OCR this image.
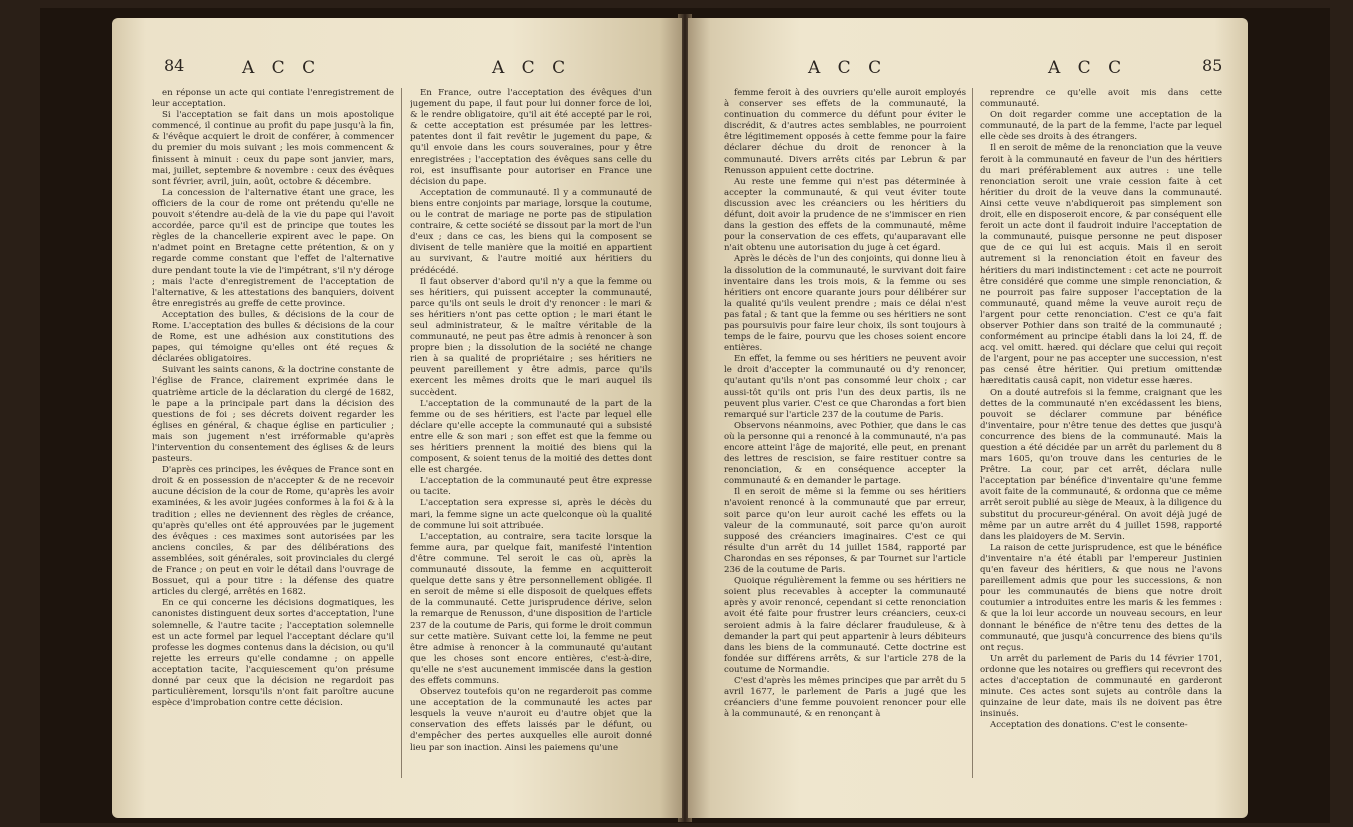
84	A C C	A C C

en réponse un acte qui contiate l'enregistrement de leur acceptation.

Si l'acceptation se fait dans un mois apostolique commencé, il continue au profit du pape jusqu'à la fin, & l'évêque acquiert le droit de conférer, à commencer du premier du mois suivant ; les mois commencent & finissent à minuit : ceux du pape sont janvier, mars, mai, juillet, septembre & novembre : ceux des évêques sont février, avril, juin, août, octobre & décembre.

La concession de l'alternative étant une grace, les officiers de la cour de rome ont prétendu qu'elle ne pouvoit s'étendre au-delà de la vie du pape qui l'avoit accordée, parce qu'il est de principe que toutes les règles de la chancellerie expirent avec le pape. On n'admet point en Bretagne cette prétention, & on y regarde comme constant que l'effet de l'alternative dure pendant toute la vie de l'impétrant, s'il n'y déroge ; mais l'acte d'enregistrement de l'acceptation de l'alternative, & les attestations des banquiers, doivent être enregistrés au greffe de cette province.

Acceptation des bulles, & décisions de la cour de Rome. L'acceptation des bulles & décisions de la cour de Rome, est une adhésion aux constitutions des papes, qui témoigne qu'elles ont été reçues & déclarées obligatoires.

Suivant les saints canons, & la doctrine constante de l'église de France, clairement exprimée dans le quatrième article de la déclaration du clergé de 1682, le pape a la principale part dans la décision des questions de foi ; ses décrets doivent regarder les églises en général, & chaque église en particulier ; mais son jugement n'est irréformable qu'après l'intervention du consentement des églises & de leurs pasteurs.

D'après ces principes, les évêques de France sont en droit & en possession de n'accepter & de ne recevoir aucune décision de la cour de Rome, qu'après les avoir examinées, & les avoir jugées conformes à la foi & à la tradition ; elles ne deviennent des règles de créance, qu'après qu'elles ont été approuvées par le jugement des évêques : ces maximes sont autorisées par les anciens conciles, & par des délibérations des assemblées, soit générales, soit provinciales du clergé de France ; on peut en voir le détail dans l'ouvrage de Bossuet, qui a pour titre : la défense des quatre articles du clergé, arrêtés en 1682.

En ce qui concerne les décisions dogmatiques, les canonistes distinguent deux sortes d'acceptation, l'une solemnelle, & l'autre tacite ; l'acceptation solemnelle est un acte formel par lequel l'acceptant déclare qu'il professe les dogmes contenus dans la décision, ou qu'il rejette les erreurs qu'elle condamne ; on appelle acceptation tacite, l'acquiescement qu'on présume donné par ceux que la décision ne regardoit pas particulièrement, lorsqu'ils n'ont fait paroître aucune espèce d'improbation contre cette décision.

En France, outre l'acceptation des évêques d'un jugement du pape, il faut pour lui donner force de loi, & le rendre obligatoire, qu'il ait été accepté par le roi, & cette acceptation est présumée par les lettres-patentes dont il fait revêtir le jugement du pape, & qu'il envoie dans les cours souveraines, pour y être enregistrées ; l'acceptation des évêques sans celle du roi, est insuffisante pour autoriser en France une décision du pape.

Acceptation de communauté. Il y a communauté de biens entre conjoints par mariage, lorsque la coutume, ou le contrat de mariage ne porte pas de stipulation contraire, & cette société se dissout par la mort de l'un d'eux ; dans ce cas, les biens qui la composent se divisent de telle manière que la moitié en appartient au survivant, & l'autre moitié aux héritiers du prédécédé.

Il faut observer d'abord qu'il n'y a que la femme ou ses héritiers, qui puissent accepter la communauté, parce qu'ils ont seuls le droit d'y renoncer : le mari & ses héritiers n'ont pas cette option ; le mari étant le seul administrateur, & le maître véritable de la communauté, ne peut pas être admis à renoncer à son propre bien ; la dissolution de la société ne change rien à sa qualité de propriétaire ; ses héritiers ne peuvent pareillement y être admis, parce qu'ils exercent les mêmes droits que le mari auquel ils succèdent.

L'acceptation de la communauté de la part de la femme ou de ses héritiers, est l'acte par lequel elle déclare qu'elle accepte la communauté qui a subsisté entre elle & son mari ; son effet est que la femme ou ses héritiers prennent la moitié des biens qui la composent, & soient tenus de la moitié des dettes dont elle est chargée.

L'acceptation de la communauté peut être expresse ou tacite.

L'acceptation sera expresse si, après le décès du mari, la femme signe un acte quelconque où la qualité de commune lui soit attribuée.

L'acceptation, au contraire, sera tacite lorsque la femme aura, par quelque fait, manifesté l'intention d'être commune. Tel seroit le cas où, après la communauté dissoute, la femme en acquitteroit quelque dette sans y être personnellement obligée. Il en seroit de même si elle disposoit de quelques effets de la communauté. Cette jurisprudence dérive, selon la remarque de Renusson, d'une disposition de l'article 237 de la coutume de Paris, qui forme le droit commun sur cette matière. Suivant cette loi, la femme ne peut être admise à renoncer à la communauté qu'autant que les choses sont encore entières, c'est-à-dire, qu'elle ne s'est aucunement immiscée dans la gestion des effets communs.

Observez toutefois qu'on ne regarderoit pas comme une acceptation de la communauté les actes par lesquels la veuve n'auroit eu d'autre objet que la conservation des effets laissés par le défunt, ou d'empêcher des pertes auxquelles elle auroit donné lieu par son inaction. Ainsi les paiemens qu'une

A C C	A C C	85

femme feroit à des ouvriers qu'elle auroit employés à conserver ses effets de la communauté, la continuation du commerce du défunt pour éviter le discrédit, & d'autres actes semblables, ne pourroient être légitimement opposés à cette femme pour la faire déclarer déchue du droit de renoncer à la communauté. Divers arrêts cités par Lebrun & par Renusson appuient cette doctrine.

Au reste une femme qui n'est pas déterminée à accepter la communauté, & qui veut éviter toute discussion avec les créanciers ou les héritiers du défunt, doit avoir la prudence de ne s'immiscer en rien dans la gestion des effets de la communauté, même pour la conservation de ces effets, qu'auparavant elle n'ait obtenu une autorisation du juge à cet égard.

Après le décès de l'un des conjoints, qui donne lieu à la dissolution de la communauté, le survivant doit faire inventaire dans les trois mois, & la femme ou ses héritiers ont encore quarante jours pour délibérer sur la qualité qu'ils veulent prendre ; mais ce délai n'est pas fatal ; & tant que la femme ou ses héritiers ne sont pas poursuivis pour faire leur choix, ils sont toujours à temps de le faire, pourvu que les choses soient encore entières.

En effet, la femme ou ses héritiers ne peuvent avoir le droit d'accepter la communauté ou d'y renoncer, qu'autant qu'ils n'ont pas consommé leur choix ; car aussi-tôt qu'ils ont pris l'un des deux partis, ils ne peuvent plus varier. C'est ce que Charondas a fort bien remarqué sur l'article 237 de la coutume de Paris.

Observons néanmoins, avec Pothier, que dans le cas où la personne qui a renoncé à la communauté, n'a pas encore atteint l'âge de majorité, elle peut, en prenant des lettres de rescision, se faire restituer contre sa renonciation, & en conséquence accepter la communauté & en demander le partage.

Il en seroit de même si la femme ou ses héritiers n'avoient renoncé à la communauté que par erreur, soit parce qu'on leur auroit caché les effets ou la valeur de la communauté, soit parce qu'on auroit supposé des créanciers imaginaires. C'est ce qui résulte d'un arrêt du 14 juillet 1584, rapporté par Charondas en ses réponses, & par Tournet sur l'article 236 de la coutume de Paris.

Quoique régulièrement la femme ou ses héritiers ne soient plus recevables à accepter la communauté après y avoir renoncé, cependant si cette renonciation avoit été faite pour frustrer leurs créanciers, ceux-ci seroient admis à la faire déclarer frauduleuse, & à demander la part qui peut appartenir à leurs débiteurs dans les biens de la communauté. Cette doctrine est fondée sur différens arrêts, & sur l'article 278 de la coutume de Normandie.

C'est d'après les mêmes principes que par arrêt du 5 avril 1677, le parlement de Paris a jugé que les créanciers d'une femme pouvoient renoncer pour elle à la communauté, & en renonçant à

reprendre ce qu'elle avoit mis dans cette communauté.

On doit regarder comme une acceptation de la communauté, de la part de la femme, l'acte par lequel elle cède ses droits à des étrangers.

Il en seroit de même de la renonciation que la veuve feroit à la communauté en faveur de l'un des héritiers du mari préférablement aux autres : une telle renonciation seroit une vraie cession faite à cet héritier du droit de la veuve dans la communauté. Ainsi cette veuve n'abdiqueroit pas simplement son droit, elle en disposeroit encore, & par conséquent elle feroit un acte dont il faudroit induire l'acceptation de la communauté, puisque personne ne peut disposer que de ce qui lui est acquis. Mais il en seroit autrement si la renonciation étoit en faveur des héritiers du mari indistinctement : cet acte ne pourroit être considéré que comme une simple renonciation, & ne pourroit pas faire supposer l'acceptation de la communauté, quand même la veuve auroit reçu de l'argent pour cette renonciation. C'est ce qu'a fait observer Pothier dans son traité de la communauté ; conformément au principe établi dans la loi 24, ff. de acq. vel omitt. hæred. qui déclare que celui qui reçoit de l'argent, pour ne pas accepter une succession, n'est pas censé être héritier. Qui pretium omittendæ hæreditatis causâ capit, non videtur esse hæres.

On a douté autrefois si la femme, craignant que les dettes de la communauté n'en excédassent les biens, pouvoit se déclarer commune par bénéfice d'inventaire, pour n'être tenue des dettes que jusqu'à concurrence des biens de la communauté. Mais la question a été décidée par un arrêt du parlement du 8 mars 1605, qu'on trouve dans les centuries de le Prêtre. La cour, par cet arrêt, déclara nulle l'acceptation par bénéfice d'inventaire qu'une femme avoit faite de la communauté, & ordonna que ce même arrêt seroit publié au siège de Meaux, à la diligence du substitut du procureur-général. On avoit déjà jugé de même par un autre arrêt du 4 juillet 1598, rapporté dans les plaidoyers de M. Servin.

La raison de cette jurisprudence, est que le bénéfice d'inventaire n'a été établi par l'empereur Justinien qu'en faveur des héritiers, & que nous ne l'avons pareillement admis que pour les successions, & non pour les communautés de biens que notre droit coutumier a introduites entre les maris & les femmes : & que la loi leur accorde un nouveau secours, en leur donnant le bénéfice de n'être tenu des dettes de la communauté, que jusqu'à concurrence des biens qu'ils ont reçus.

Un arrêt du parlement de Paris du 14 février 1701, ordonne que les notaires ou greffiers qui recevront des actes d'acceptation de communauté en garderont minute. Ces actes sont sujets au contrôle dans la quinzaine de leur date, mais ils ne doivent pas être insinués.

Acceptation des donations. C'est le consente-
